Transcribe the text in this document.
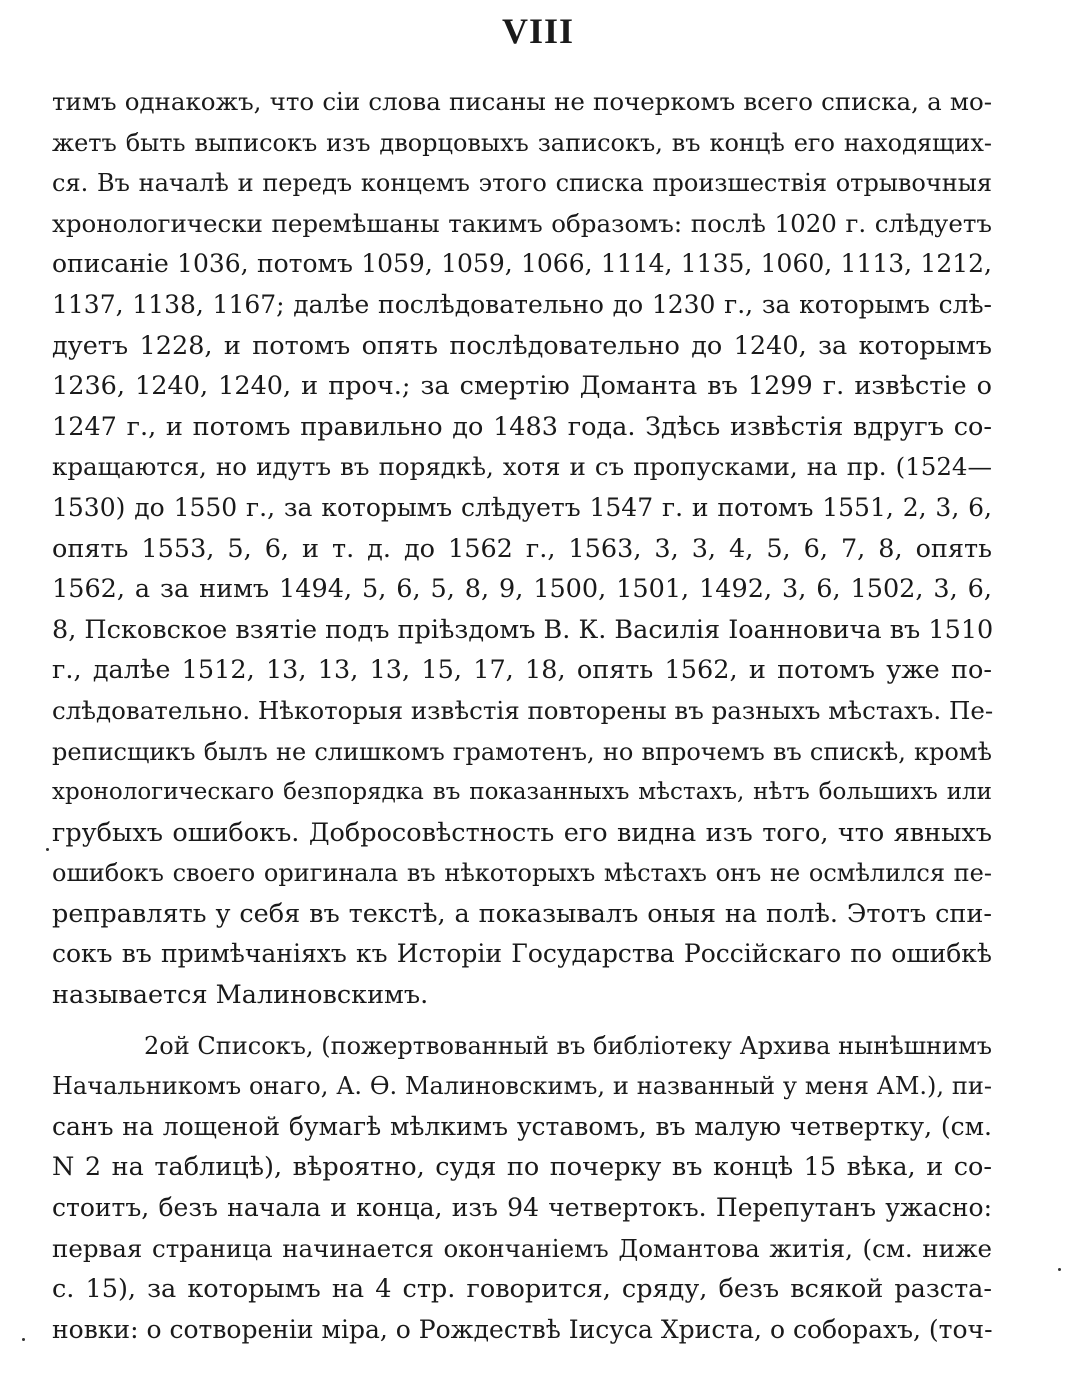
VIII
тимъ однакожъ, что сіи слова писаны не почеркомъ всего списка, а мо-
жетъ быть выписокъ изъ дворцовыхъ записокъ, въ концѣ его находящих-
ся. Въ началѣ и передъ концемъ этого списка произшествія отрывочныя
хронологически перемѣшаны такимъ образомъ: послѣ 1020 г. слѣдуетъ
описаніе 1036, потомъ 1059, 1059, 1066, 1114, 1135, 1060, 1113, 1212,
1137, 1138, 1167; далѣе послѣдовательно до 1230 г., за которымъ слѣ-
дуетъ 1228, и потомъ опять послѣдовательно до 1240, за которымъ
1236, 1240, 1240, и проч.; за смертію Доманта въ 1299 г. извѣстіе о
1247 г., и потомъ правильно до 1483 года. Здѣсь извѣстія вдругъ со-
кращаются, но идутъ въ порядкѣ, хотя и съ пропусками, на пр. (1524—
1530) до 1550 г., за которымъ слѣдуетъ 1547 г. и потомъ 1551, 2, 3, 6,
опять 1553, 5, 6, и т. д. до 1562 г., 1563, 3, 3, 4, 5, 6, 7, 8, опять
1562, а за нимъ 1494, 5, 6, 5, 8, 9, 1500, 1501, 1492, 3, 6, 1502, 3, 6,
8, Псковское взятіе подъ пріѣздомъ В. К. Василія Іоанновича въ 1510
г., далѣе 1512, 13, 13, 13, 15, 17, 18, опять 1562, и потомъ уже по-
слѣдовательно. Нѣкоторыя извѣстія повторены въ разныхъ мѣстахъ. Пе-
реписщикъ былъ не слишкомъ грамотенъ, но впрочемъ въ спискѣ, кромѣ
хронологическаго безпорядка въ показанныхъ мѣстахъ, нѣтъ большихъ или
грубыхъ ошибокъ. Добросовѣстность его видна изъ того, что явныхъ
ошибокъ своего оригинала въ нѣкоторыхъ мѣстахъ онъ не осмѣлился пе-
реправлять у себя въ текстѣ, а показывалъ оныя на полѣ. Этотъ спи-
сокъ въ примѣчаніяхъ къ Исторіи Государства Россійскаго по ошибкѣ
называется Малиновскимъ.
2ой Списокъ, (пожертвованный въ библіотеку Архива нынѣшнимъ
Начальникомъ онаго, А. Ѳ. Малиновскимъ, и названный у меня АМ.), пи-
санъ на лощеной бумагѣ мѣлкимъ уставомъ, въ малую четвертку, (см.
N 2 на таблицѣ), вѣроятно, судя по почерку въ концѣ 15 вѣка, и со-
стоитъ, безъ начала и конца, изъ 94 четвертокъ. Перепутанъ ужасно:
первая страница начинается окончаніемъ Домантова житія, (см. ниже
с. 15), за которымъ на 4 стр. говорится, сряду, безъ всякой разста-
новки: о сотвореніи міра, о Рождествѣ Іисуса Христа, о соборахъ, (точ-
